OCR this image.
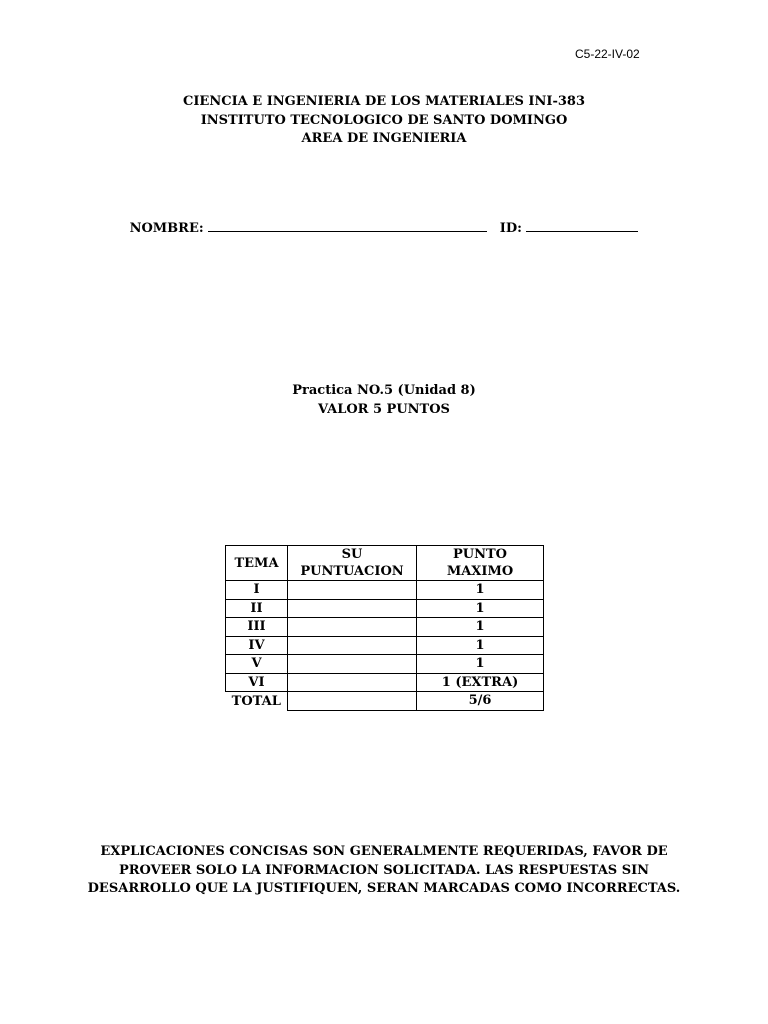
C5-22-IV-02
CIENCIA E INGENIERIA DE LOS MATERIALES INI-383
INSTITUTO TECNOLOGICO DE SANTO DOMINGO
AREA DE INGENIERIA
NOMBRE:	ID:
Practica NO.5 (Unidad 8)
VALOR 5 PUNTOS
TEMA	SU PUNTUACION	PUNTO MAXIMO
I		1
II		1
III		1
IV		1
V		1
VI		1 (EXTRA)
TOTAL		5/6
EXPLICACIONES CONCISAS SON GENERALMENTE REQUERIDAS, FAVOR DE
PROVEER SOLO LA INFORMACION SOLICITADA. LAS RESPUESTAS SIN
DESARROLLO QUE LA JUSTIFIQUEN, SERAN MARCADAS COMO INCORRECTAS.
